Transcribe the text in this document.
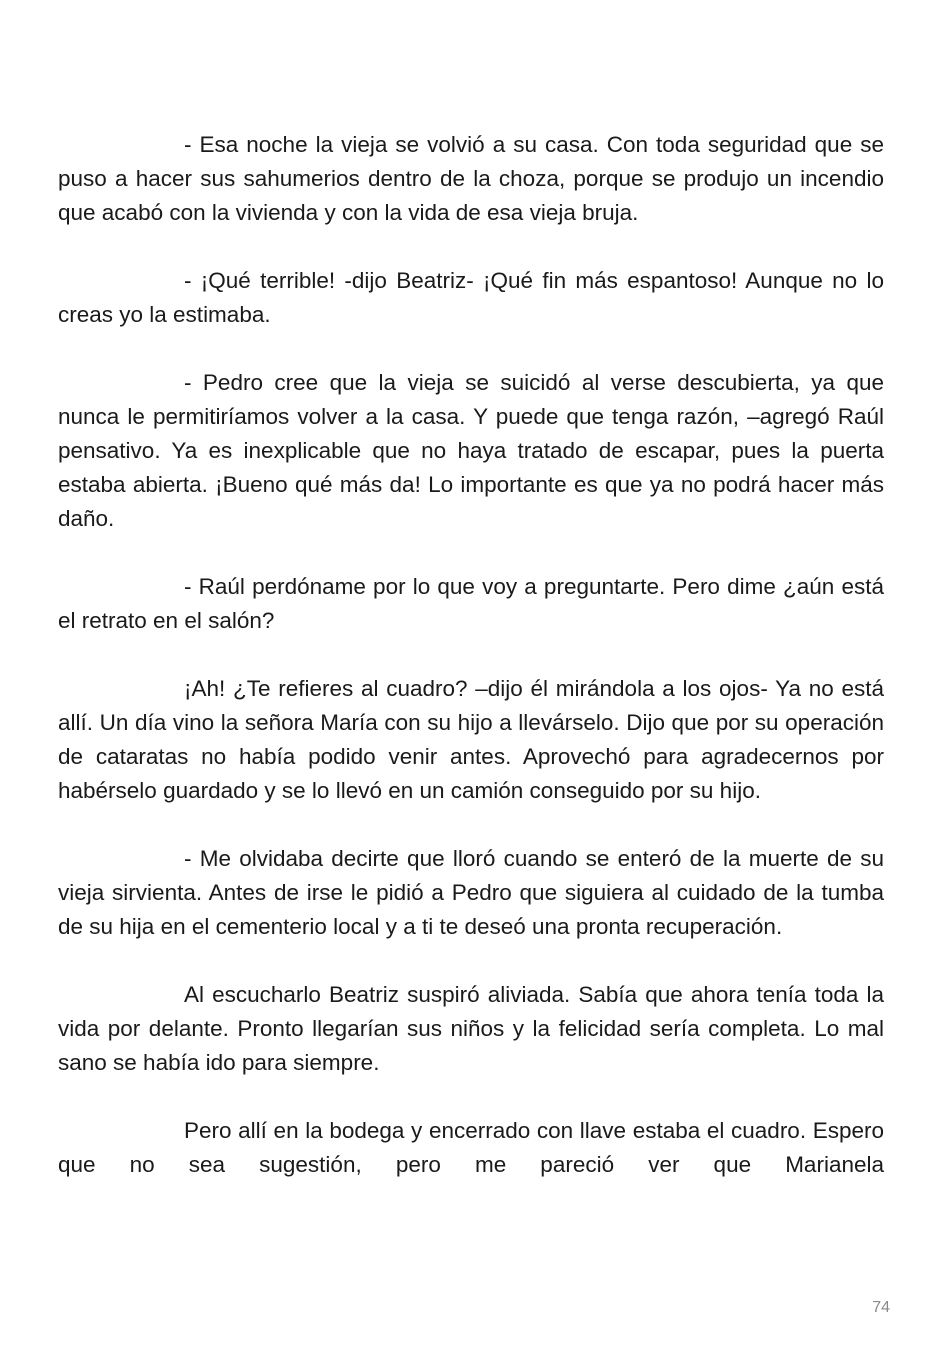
- Esa noche la vieja se volvió a su casa. Con toda seguridad que se puso a hacer sus sahumerios dentro de la choza, porque se produjo un incendio que acabó con la vivienda y con la vida de esa vieja bruja.

- ¡Qué terrible! -dijo Beatriz- ¡Qué fin más espantoso! Aunque no lo creas yo la estimaba.

- Pedro cree que la vieja se suicidó al verse descubierta, ya que nunca le permitiríamos volver a la casa. Y puede que tenga razón, –agregó Raúl pensativo. Ya es inexplicable que no haya tratado de escapar, pues la puerta estaba abierta. ¡Bueno qué más da! Lo importante es que ya no podrá hacer más daño.

- Raúl perdóname por lo que voy a preguntarte. Pero dime ¿aún está el retrato en el salón?

¡Ah! ¿Te refieres al cuadro? –dijo él mirándola a los ojos- Ya no está allí. Un día vino la señora María con su hijo a llevárselo. Dijo que por su operación de cataratas no había podido venir antes. Aprovechó para agradecernos por habérselo guardado y se lo llevó en un camión conseguido por su hijo.

- Me olvidaba decirte que lloró cuando se enteró de la muerte de su vieja sirvienta. Antes de irse le pidió a Pedro que siguiera al cuidado de la tumba de su hija en el cementerio local y a ti te deseó una pronta recuperación.

Al escucharlo Beatriz suspiró aliviada. Sabía que ahora tenía toda la vida por delante. Pronto llegarían sus niños y la felicidad sería completa. Lo mal sano se había ido para siempre.

Pero allí en la bodega y encerrado con llave estaba el cuadro. Espero que no sea sugestión, pero me pareció ver que Marianela

74
